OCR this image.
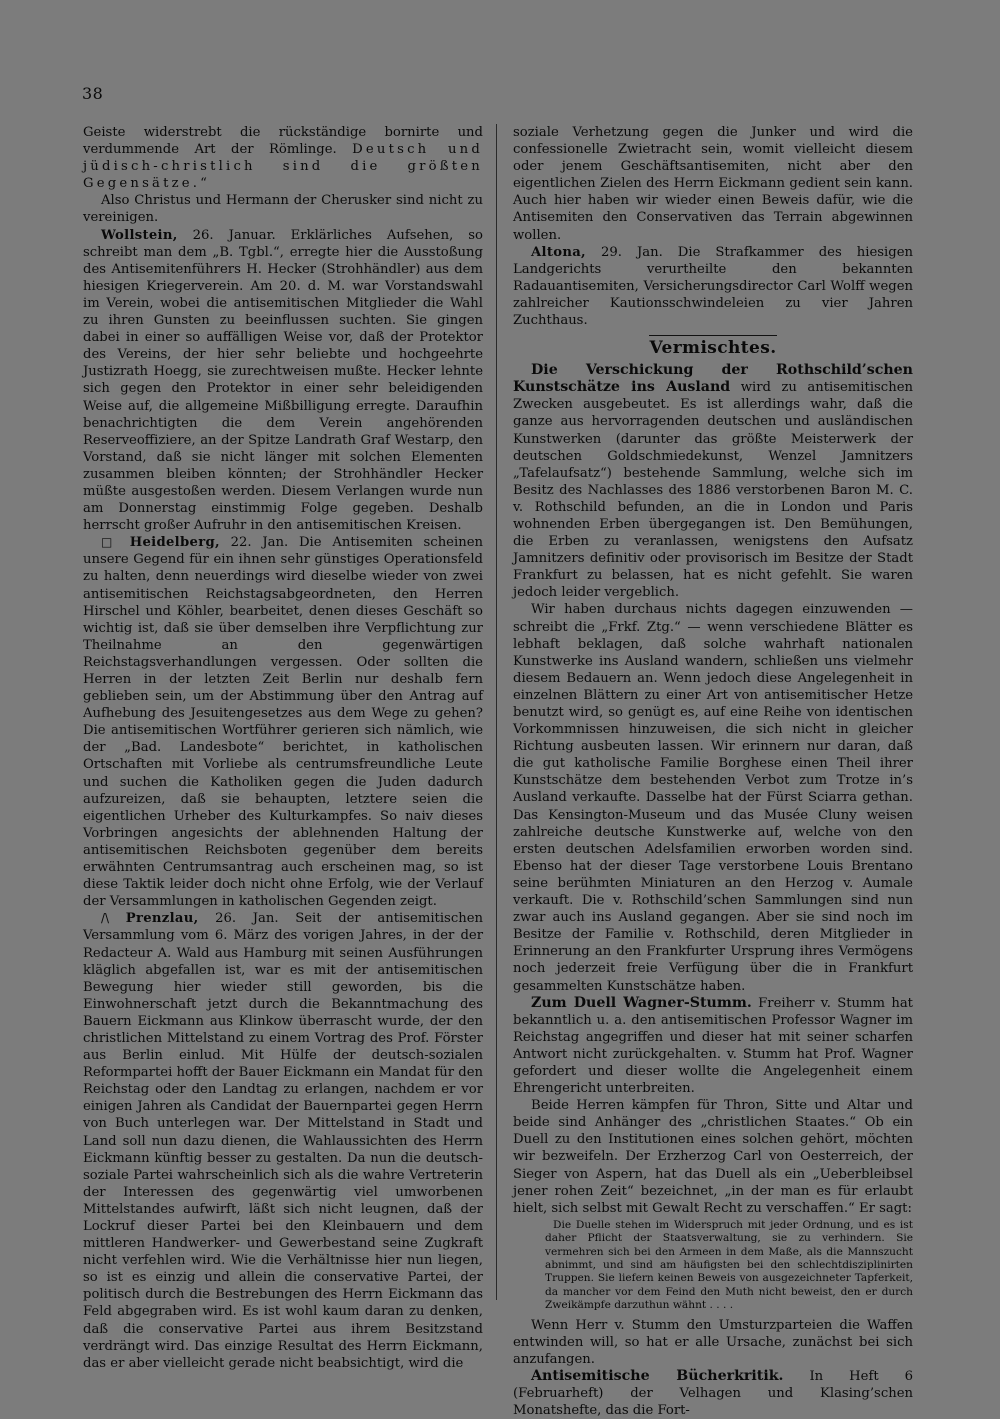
38

Geiste widerstrebt die rückständige bornirte und verdummende Art der Römlinge. Deutsch und jüdisch-christlich sind die größten Gegensätze.“

Also Christus und Hermann der Cherusker sind nicht zu vereinigen.

Wollstein, 26. Januar. Erklärliches Aufsehen, so schreibt man dem „B. Tgbl.“, erregte hier die Ausstoßung des Antisemitenführers H. Hecker (Strohhändler) aus dem hiesigen Kriegerverein. Am 20. d. M. war Vorstandswahl im Verein, wobei die antisemitischen Mitglieder die Wahl zu ihren Gunsten zu beeinflussen suchten. Sie gingen dabei in einer so auffälligen Weise vor, daß der Protektor des Vereins, der hier sehr beliebte und hochgeehrte Justizrath Hoegg, sie zurechtweisen mußte. Hecker lehnte sich gegen den Protektor in einer sehr beleidigenden Weise auf, die allgemeine Mißbilligung erregte. Daraufhin benachrichtigten die dem Verein angehörenden Reserveoffiziere, an der Spitze Landrath Graf Westarp, den Vorstand, daß sie nicht länger mit solchen Elementen zusammen bleiben könnten; der Strohhändler Hecker müßte ausgestoßen werden. Diesem Verlangen wurde nun am Donnerstag einstimmig Folge gegeben. Deshalb herrscht großer Aufruhr in den antisemitischen Kreisen.

□ Heidelberg, 22. Jan. Die Antisemiten scheinen unsere Gegend für ein ihnen sehr günstiges Operationsfeld zu halten, denn neuerdings wird dieselbe wieder von zwei antisemitischen Reichstagsabgeordneten, den Herren Hirschel und Köhler, bearbeitet, denen dieses Geschäft so wichtig ist, daß sie über demselben ihre Verpflichtung zur Theilnahme an den gegenwärtigen Reichstagsverhandlungen vergessen. Oder sollten die Herren in der letzten Zeit Berlin nur deshalb fern geblieben sein, um der Abstimmung über den Antrag auf Aufhebung des Jesuitengesetzes aus dem Wege zu gehen? Die antisemitischen Wortführer gerieren sich nämlich, wie der „Bad. Landesbote“ berichtet, in katholischen Ortschaften mit Vorliebe als centrumsfreundliche Leute und suchen die Katholiken gegen die Juden dadurch aufzureizen, daß sie behaupten, letztere seien die eigentlichen Urheber des Kulturkampfes. So naiv dieses Vorbringen angesichts der ablehnenden Haltung der antisemitischen Reichsboten gegenüber dem bereits erwähnten Centrumsantrag auch erscheinen mag, so ist diese Taktik leider doch nicht ohne Erfolg, wie der Verlauf der Versammlungen in katholischen Gegenden zeigt.

/\ Prenzlau, 26. Jan. Seit der antisemitischen Versammlung vom 6. März des vorigen Jahres, in der der Redacteur A. Wald aus Hamburg mit seinen Ausführungen kläglich abgefallen ist, war es mit der antisemitischen Bewegung hier wieder still geworden, bis die Einwohnerschaft jetzt durch die Bekanntmachung des Bauern Eickmann aus Klinkow überrascht wurde, der den christlichen Mittelstand zu einem Vortrag des Prof. Förster aus Berlin einlud. Mit Hülfe der deutsch-sozialen Reformpartei hofft der Bauer Eickmann ein Mandat für den Reichstag oder den Landtag zu erlangen, nachdem er vor einigen Jahren als Candidat der Bauernpartei gegen Herrn von Buch unterlegen war. Der Mittelstand in Stadt und Land soll nun dazu dienen, die Wahlaussichten des Herrn Eickmann künftig besser zu gestalten. Da nun die deutsch-soziale Partei wahrscheinlich sich als die wahre Vertreterin der Interessen des gegenwärtig viel umworbenen Mittelstandes aufwirft, läßt sich nicht leugnen, daß der Lockruf dieser Partei bei den Kleinbauern und dem mittleren Handwerker- und Gewerbestand seine Zugkraft nicht verfehlen wird. Wie die Verhältnisse hier nun liegen, so ist es einzig und allein die conservative Partei, der politisch durch die Bestrebungen des Herrn Eickmann das Feld abgegraben wird. Es ist wohl kaum daran zu denken, daß die conservative Partei aus ihrem Besitzstand verdrängt wird. Das einzige Resultat des Herrn Eickmann, das er aber vielleicht gerade nicht beabsichtigt, wird die

soziale Verhetzung gegen die Junker und wird die confessionelle Zwietracht sein, womit vielleicht diesem oder jenem Geschäftsantisemiten, nicht aber den eigentlichen Zielen des Herrn Eickmann gedient sein kann. Auch hier haben wir wieder einen Beweis dafür, wie die Antisemiten den Conservativen das Terrain abgewinnen wollen.

Altona, 29. Jan. Die Strafkammer des hiesigen Landgerichts verurtheilte den bekannten Radauantisemiten, Versicherungsdirector Carl Wolff wegen zahlreicher Kautionsschwindeleien zu vier Jahren Zuchthaus.

Vermischtes.

Die Verschickung der Rothschild’schen Kunstschätze ins Ausland wird zu antisemitischen Zwecken ausgebeutet. Es ist allerdings wahr, daß die ganze aus hervorragenden deutschen und ausländischen Kunstwerken (darunter das größte Meisterwerk der deutschen Goldschmiedekunst, Wenzel Jamnitzers „Tafelaufsatz“) bestehende Sammlung, welche sich im Besitz des Nachlasses des 1886 verstorbenen Baron M. C. v. Rothschild befunden, an die in London und Paris wohnenden Erben übergegangen ist. Den Bemühungen, die Erben zu veranlassen, wenigstens den Aufsatz Jamnitzers definitiv oder provisorisch im Besitze der Stadt Frankfurt zu belassen, hat es nicht gefehlt. Sie waren jedoch leider vergeblich.

Wir haben durchaus nichts dagegen einzuwenden — schreibt die „Frkf. Ztg.“ — wenn verschiedene Blätter es lebhaft beklagen, daß solche wahrhaft nationalen Kunstwerke ins Ausland wandern, schließen uns vielmehr diesem Bedauern an. Wenn jedoch diese Angelegenheit in einzelnen Blättern zu einer Art von antisemitischer Hetze benutzt wird, so genügt es, auf eine Reihe von identischen Vorkommnissen hinzuweisen, die sich nicht in gleicher Richtung ausbeuten lassen. Wir erinnern nur daran, daß die gut katholische Familie Borghese einen Theil ihrer Kunstschätze dem bestehenden Verbot zum Trotze in’s Ausland verkaufte. Dasselbe hat der Fürst Sciarra gethan. Das Kensington-Museum und das Musée Cluny weisen zahlreiche deutsche Kunstwerke auf, welche von den ersten deutschen Adelsfamilien erworben worden sind. Ebenso hat der dieser Tage verstorbene Louis Brentano seine berühmten Miniaturen an den Herzog v. Aumale verkauft. Die v. Rothschild’schen Sammlungen sind nun zwar auch ins Ausland gegangen. Aber sie sind noch im Besitze der Familie v. Rothschild, deren Mitglieder in Erinnerung an den Frankfurter Ursprung ihres Vermögens noch jederzeit freie Verfügung über die in Frankfurt gesammelten Kunstschätze haben.

Zum Duell Wagner-Stumm. Freiherr v. Stumm hat bekanntlich u. a. den antisemitischen Professor Wagner im Reichstag angegriffen und dieser hat mit seiner scharfen Antwort nicht zurückgehalten. v. Stumm hat Prof. Wagner gefordert und dieser wollte die Angelegenheit einem Ehrengericht unterbreiten.

Beide Herren kämpfen für Thron, Sitte und Altar und beide sind Anhänger des „christlichen Staates.“ Ob ein Duell zu den Institutionen eines solchen gehört, möchten wir bezweifeln. Der Erzherzog Carl von Oesterreich, der Sieger von Aspern, hat das Duell als ein „Ueberbleibsel jener rohen Zeit“ bezeichnet, „in der man es für erlaubt hielt, sich selbst mit Gewalt Recht zu verschaffen.“ Er sagt:

Die Duelle stehen im Widerspruch mit jeder Ordnung, und es ist daher Pflicht der Staatsverwaltung, sie zu verhindern. Sie vermehren sich bei den Armeen in dem Maße, als die Mannszucht abnimmt, und sind am häufigsten bei den schlechtdisziplinirten Truppen. Sie liefern keinen Beweis von ausgezeichneter Tapferkeit, da mancher vor dem Feind den Muth nicht beweist, den er durch Zweikämpfe darzuthun wähnt . . . .

Wenn Herr v. Stumm den Umsturzparteien die Waffen entwinden will, so hat er alle Ursache, zunächst bei sich anzufangen.

Antisemitische Bücherkritik. In Heft 6 (Februarheft) der Velhagen und Klasing’schen Monatshefte, das die Fort-
